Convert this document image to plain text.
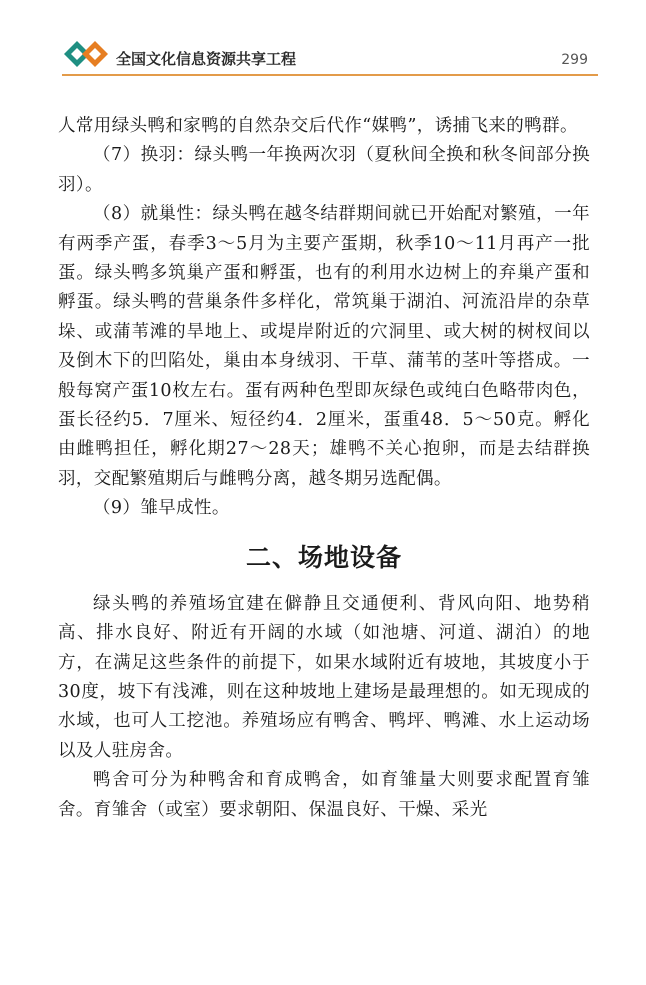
全国文化信息资源共享工程	299

人常用绿头鸭和家鸭的自然杂交后代作“媒鸭”，诱捕飞来的鸭群。

（7）换羽：绿头鸭一年换两次羽（夏秋间全换和秋冬间部分换羽）。

（8）就巢性：绿头鸭在越冬结群期间就已开始配对繁殖，一年有两季产蛋，春季3～5月为主要产蛋期，秋季10～11月再产一批蛋。绿头鸭多筑巢产蛋和孵蛋，也有的利用水边树上的弃巢产蛋和孵蛋。绿头鸭的营巢条件多样化，常筑巢于湖泊、河流沿岸的杂草垛、或蒲苇滩的旱地上、或堤岸附近的穴洞里、或大树的树杈间以及倒木下的凹陷处，巢由本身绒羽、干草、蒲苇的茎叶等搭成。一般每窝产蛋10枚左右。蛋有两种色型即灰绿色或纯白色略带肉色，蛋长径约5．7厘米、短径约4．2厘米，蛋重48．5～50克。孵化由雌鸭担任，孵化期27～28天；雄鸭不关心抱卵，而是去结群换羽，交配繁殖期后与雌鸭分离，越冬期另选配偶。

（9）雏早成性。

二、场地设备

绿头鸭的养殖场宜建在僻静且交通便利、背风向阳、地势稍高、排水良好、附近有开阔的水域（如池塘、河道、湖泊）的地方，在满足这些条件的前提下，如果水域附近有坡地，其坡度小于30度，坡下有浅滩，则在这种坡地上建场是最理想的。如无现成的水域，也可人工挖池。养殖场应有鸭舍、鸭坪、鸭滩、水上运动场以及人驻房舍。

鸭舍可分为种鸭舍和育成鸭舍，如育雏量大则要求配置育雏舍。育雏舍（或室）要求朝阳、保温良好、干燥、采光
